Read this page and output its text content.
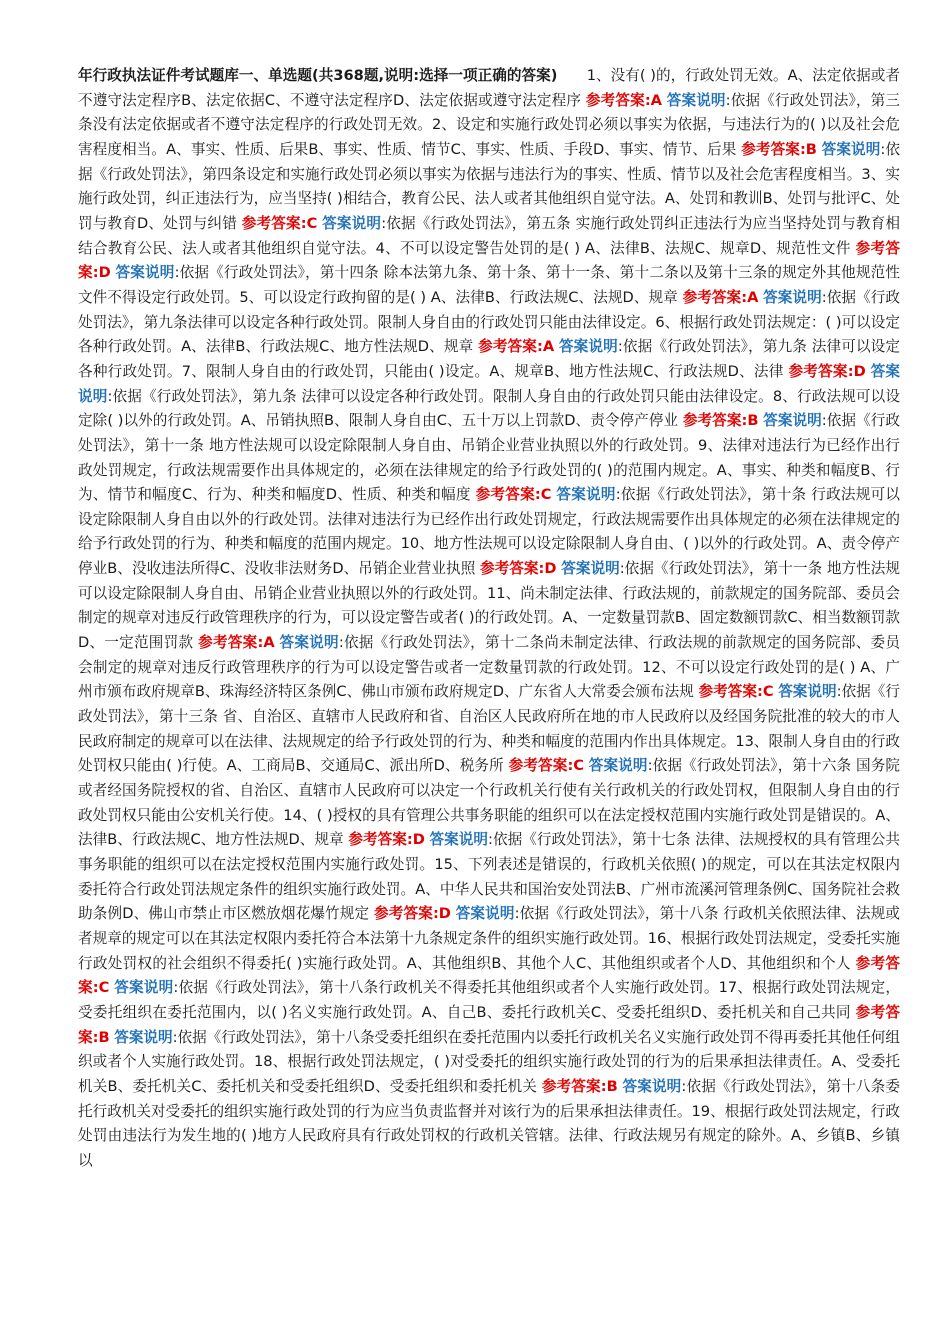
年行政执法证件考试题库一、单选题(共368题,说明:选择一项正确的答案)　　 1、没有( )的，行政处罚无效。A、法定依据或者不遵守法定程序B、法定依据C、不遵守法定程序D、法定依据或遵守法定程序 参考答案:A 答案说明:依据《行政处罚法》，第三条没有法定依据或者不遵守法定程序的行政处罚无效。2、设定和实施行政处罚必须以事实为依据，与违法行为的( )以及社会危害程度相当。A、事实、性质、后果B、事实、性质、情节C、事实、性质、手段D、事实、情节、后果 参考答案:B 答案说明:依据《行政处罚法》，第四条设定和实施行政处罚必须以事实为依据与违法行为的事实、性质、情节以及社会危害程度相当。3、实施行政处罚，纠正违法行为，应当坚持( )相结合，教育公民、法人或者其他组织自觉守法。A、处罚和教训B、处罚与批评C、处罚与教育D、处罚与纠错 参考答案:C 答案说明:依据《行政处罚法》，第五条 实施行政处罚纠正违法行为应当坚持处罚与教育相结合教育公民、法人或者其他组织自觉守法。4、不可以设定警告处罚的是( ) A、法律B、法规C、规章D、规范性文件 参考答案:D 答案说明:依据《行政处罚法》，第十四条 除本法第九条、第十条、第十一条、第十二条以及第十三条的规定外其他规范性文件不得设定行政处罚。5、可以设定行政拘留的是( ) A、法律B、行政法规C、法规D、规章 参考答案:A 答案说明:依据《行政处罚法》，第九条法律可以设定各种行政处罚。限制人身自由的行政处罚只能由法律设定。6、根据行政处罚法规定：( )可以设定各种行政处罚。A、法律B、行政法规C、地方性法规D、规章 参考答案:A 答案说明:依据《行政处罚法》，第九条 法律可以设定各种行政处罚。7、限制人身自由的行政处罚，只能由( )设定。A、规章B、地方性法规C、行政法规D、法律 参考答案:D 答案说明:依据《行政处罚法》，第九条 法律可以设定各种行政处罚。限制人身自由的行政处罚只能由法律设定。8、行政法规可以设定除( )以外的行政处罚。A、吊销执照B、限制人身自由C、五十万以上罚款D、责令停产停业 参考答案:B 答案说明:依据《行政处罚法》，第十一条 地方性法规可以设定除限制人身自由、吊销企业营业执照以外的行政处罚。9、法律对违法行为已经作出行政处罚规定，行政法规需要作出具体规定的，必须在法律规定的给予行政处罚的( )的范围内规定。A、事实、种类和幅度B、行为、情节和幅度C、行为、种类和幅度D、性质、种类和幅度 参考答案:C 答案说明:依据《行政处罚法》，第十条 行政法规可以设定除限制人身自由以外的行政处罚。法律对违法行为已经作出行政处罚规定，行政法规需要作出具体规定的必须在法律规定的给予行政处罚的行为、种类和幅度的范围内规定。10、地方性法规可以设定除限制人身自由、( )以外的行政处罚。A、责令停产停业B、没收违法所得C、没收非法财务D、吊销企业营业执照 参考答案:D 答案说明:依据《行政处罚法》，第十一条 地方性法规可以设定除限制人身自由、吊销企业营业执照以外的行政处罚。11、尚未制定法律、行政法规的，前款规定的国务院部、委员会制定的规章对违反行政管理秩序的行为，可以设定警告或者( )的行政处罚。A、一定数量罚款B、固定数额罚款C、相当数额罚款D、一定范围罚款 参考答案:A 答案说明:依据《行政处罚法》，第十二条尚未制定法律、行政法规的前款规定的国务院部、委员会制定的规章对违反行政管理秩序的行为可以设定警告或者一定数量罚款的行政处罚。12、不可以设定行政处罚的是( ) A、广州市颁布政府规章B、珠海经济特区条例C、佛山市颁布政府规定D、广东省人大常委会颁布法规 参考答案:C 答案说明:依据《行政处罚法》，第十三条 省、自治区、直辖市人民政府和省、自治区人民政府所在地的市人民政府以及经国务院批准的较大的市人民政府制定的规章可以在法律、法规规定的给予行政处罚的行为、种类和幅度的范围内作出具体规定。13、限制人身自由的行政处罚权只能由( )行使。A、工商局B、交通局C、派出所D、税务所 参考答案:C 答案说明:依据《行政处罚法》，第十六条 国务院或者经国务院授权的省、自治区、直辖市人民政府可以决定一个行政机关行使有关行政机关的行政处罚权，但限制人身自由的行政处罚权只能由公安机关行使。14、( )授权的具有管理公共事务职能的组织可以在法定授权范围内实施行政处罚是错误的。A、法律B、行政法规C、地方性法规D、规章 参考答案:D 答案说明:依据《行政处罚法》，第十七条 法律、法规授权的具有管理公共事务职能的组织可以在法定授权范围内实施行政处罚。15、下列表述是错误的，行政机关依照( )的规定，可以在其法定权限内委托符合行政处罚法规定条件的组织实施行政处罚。A、中华人民共和国治安处罚法B、广州市流溪河管理条例C、国务院社会救助条例D、佛山市禁止市区燃放烟花爆竹规定 参考答案:D 答案说明:依据《行政处罚法》，第十八条 行政机关依照法律、法规或者规章的规定可以在其法定权限内委托符合本法第十九条规定条件的组织实施行政处罚。16、根据行政处罚法规定，受委托实施行政处罚权的社会组织不得委托( )实施行政处罚。A、其他组织B、其他个人C、其他组织或者个人D、其他组织和个人 参考答案:C 答案说明:依据《行政处罚法》，第十八条行政机关不得委托其他组织或者个人实施行政处罚。17、根据行政处罚法规定，受委托组织在委托范围内，以( )名义实施行政处罚。A、自己B、委托行政机关C、受委托组织D、委托机关和自己共同 参考答案:B 答案说明:依据《行政处罚法》，第十八条受委托组织在委托范围内以委托行政机关名义实施行政处罚不得再委托其他任何组织或者个人实施行政处罚。18、根据行政处罚法规定，( )对受委托的组织实施行政处罚的行为的后果承担法律责任。A、受委托机关B、委托机关C、委托机关和受委托组织D、受委托组织和委托机关 参考答案:B 答案说明:依据《行政处罚法》，第十八条委托行政机关对受委托的组织实施行政处罚的行为应当负责监督并对该行为的后果承担法律责任。19、根据行政处罚法规定，行政处罚由违法行为发生地的( )地方人民政府具有行政处罚权的行政机关管辖。法律、行政法规另有规定的除外。A、乡镇B、乡镇以
